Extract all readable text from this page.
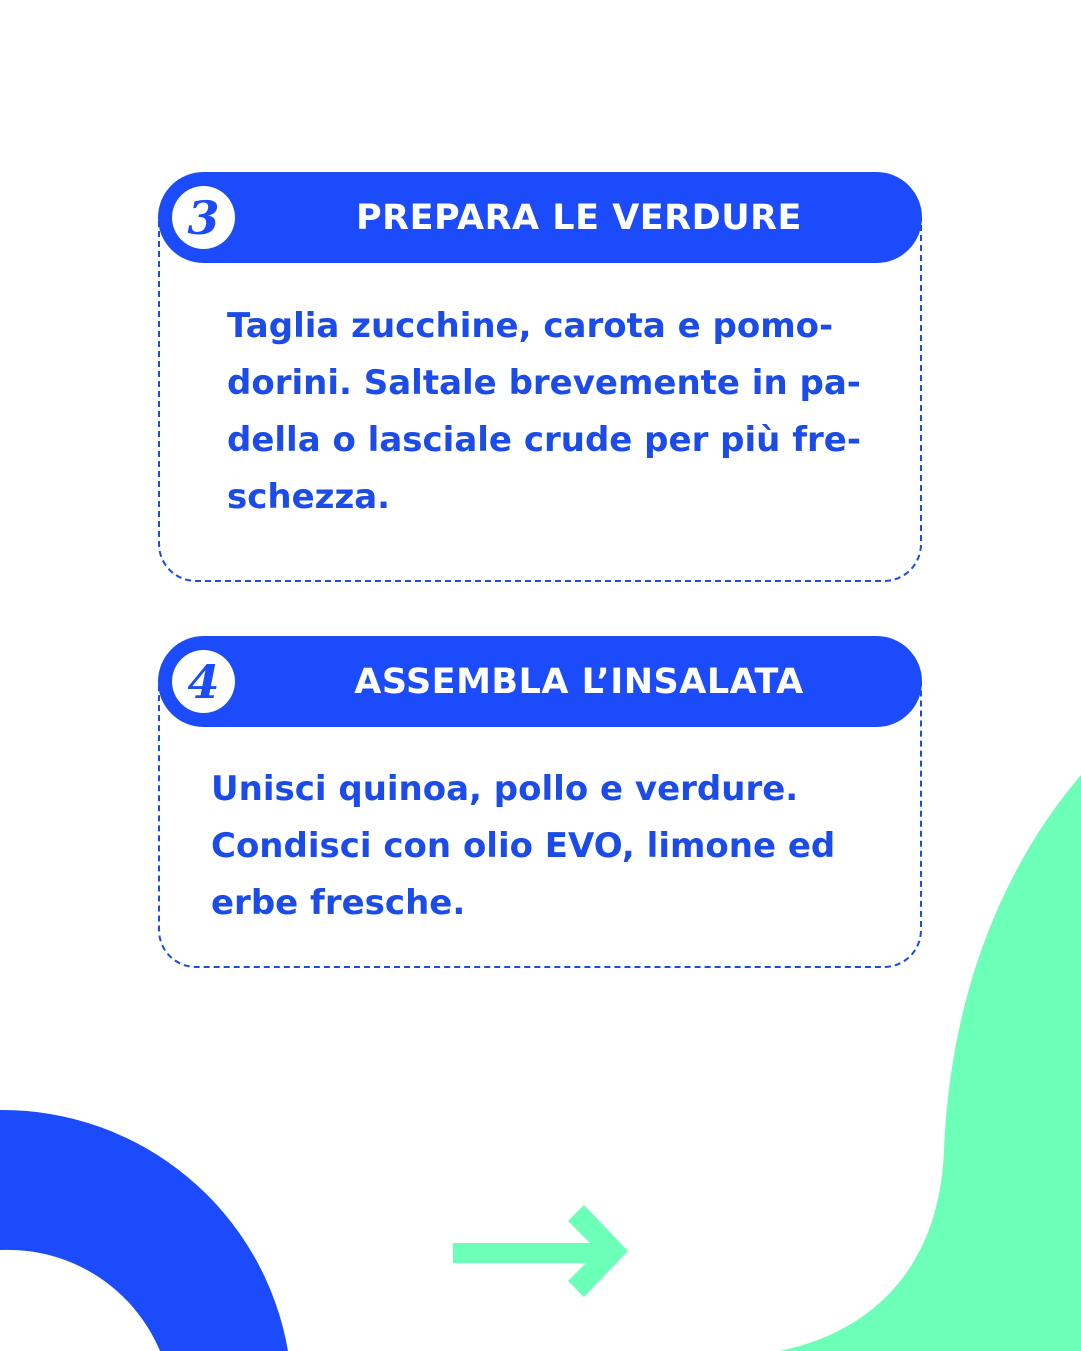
3	PREPARA LE VERDURE
Taglia zucchine, carota e pomo-
dorini. Saltale brevemente in pa-
della o lasciale crude per più fre-
schezza.
4	ASSEMBLA L’INSALATA
Unisci quinoa, pollo e verdure.
Condisci con olio EVO, limone ed
erbe fresche.
